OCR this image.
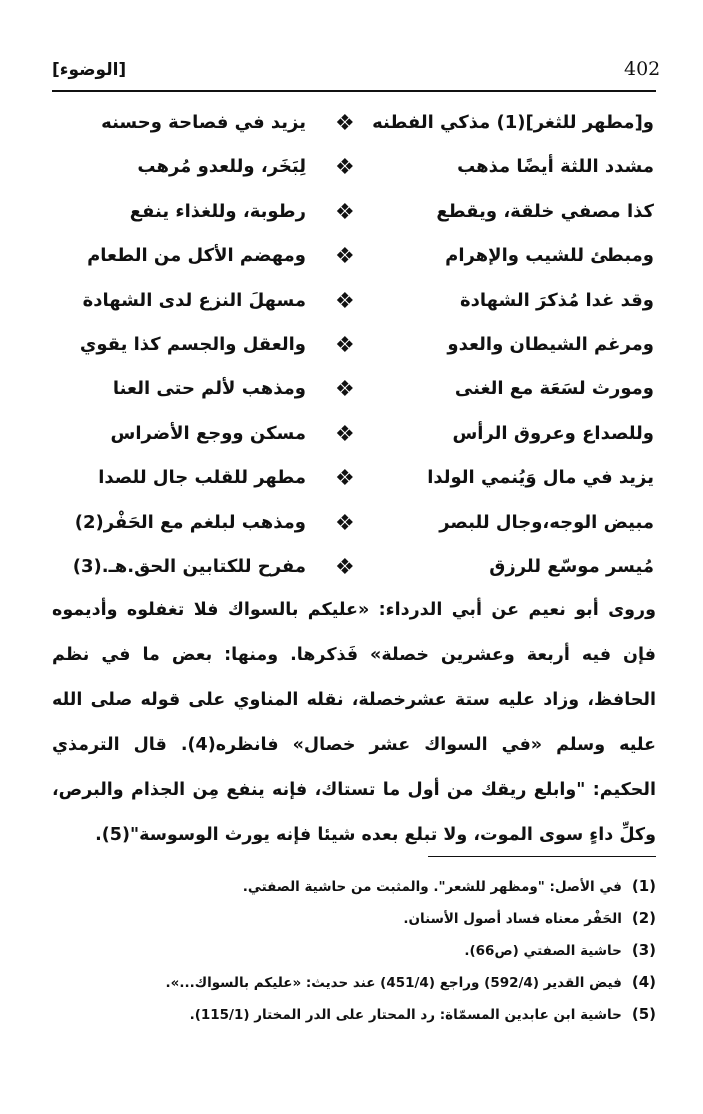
402
[الوضوء]
و[مطهر للثغر](1) مذكي الفطنه
❖
يزيد في فصاحة وحسنه
مشدد اللثة أيضًا مذهب
❖
لِبَخَر، وللعدو مُرهب
كذا مصفي خلقة، ويقطع
❖
رطوبة، وللغذاء ينفع
ومبطئ للشيب والإهرام
❖
ومهضم الأكل من الطعام
وقد غدا مُذكرَ الشهادة
❖
مسهلَ النزع لدى الشهادة
ومرغم الشيطان والعدو
❖
والعقل والجسم كذا يقوي
ومورث لسَعَة مع الغنى
❖
ومذهب لألم حتى العنا
وللصداع وعروق الرأس
❖
مسكن ووجع الأضراس
يزيد في مال وَيُنمي الولدا
❖
مطهر للقلب جال للصدا
مبيض الوجه،وجال للبصر
❖
ومذهب لبلغم مع الحَفْر(2)
مُيسر موسّع للرزق
❖
مفرح للكتابين الحق.هـ.(3)
وروى أبو نعيم عن أبي الدرداء: «عليكم بالسواك فلا تغفلوه وأديموه فإن فيه أربعة وعشرين خصلة» فَذكرها. ومنها: بعض ما في نظم الحافظ، وزاد عليه ستة عشرخصلة، نقله المناوي على قوله صلى الله عليه وسلم «في السواك عشر خصال» فانظره(4). قال الترمذي الحكيم: "وابلع ريقك من أول ما تستاك، فإنه ينفع مِن الجذام والبرص، وكلِّ داءٍ سوى الموت، ولا تبلع بعده شيئا فإنه يورث الوسوسة"(5).
(1)في الأصل: "ومظهر للشعر". والمثبت من حاشية الصفتي.
(2)الحَفْر معناه فساد أصول الأسنان.
(3)حاشية الصفتي (ص66).
(4)فيض القدير (592/4) وراجع (451/4) عند حديث: «عليكم بالسواك...».
(5)حاشية ابن عابدين المسمّاة: رد المحتار على الدر المختار (115/1).
